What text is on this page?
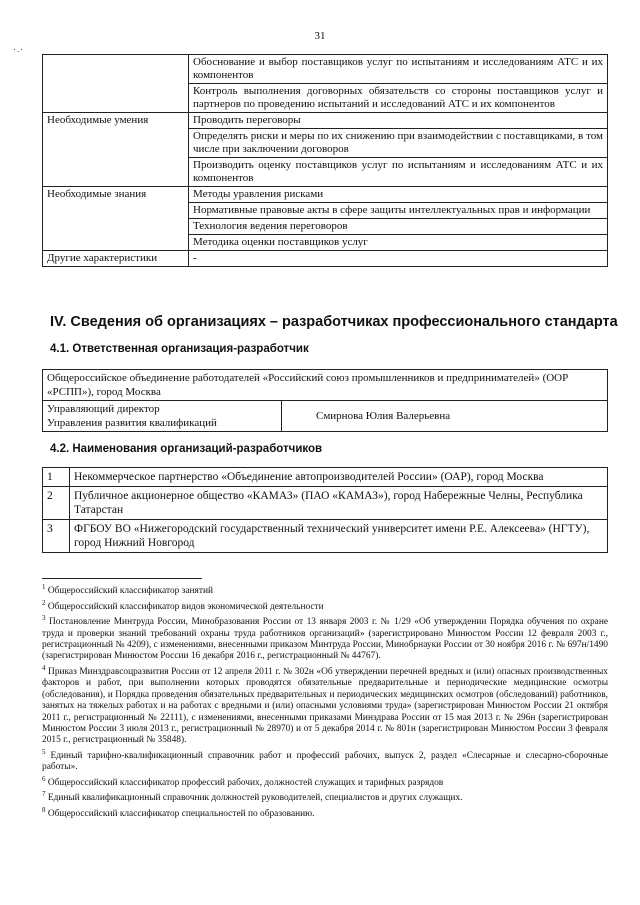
31
٠.٠
	Обоснование и выбор поставщиков услуг по испытаниям и исследованиям АТС и их компонентов
	Контроль выполнения договорных обязательств со стороны поставщиков услуг и партнеров по проведению испытаний и исследований АТС и их компонентов
Необходимые умения	Проводить переговоры
	Определять риски и меры по их снижению при взаимодействии с поставщиками, в том числе при заключении договоров
	Производить оценку поставщиков услуг по испытаниям и исследованиям АТС и их компонентов
Необходимые знания	Методы уравления рисками
	Нормативные правовые акты в сфере защиты интеллектуальных прав и информации
	Технология ведения переговоров
	Методика оценки поставщиков услуг
Другие характеристики	-
IV. Сведения об организациях – разработчиках профессионального стандарта
4.1. Ответственная организация-разработчик
Общероссийское объединение работодателей «Российский союз промышленников и предпринимателей» (ООР «РСПП»), город Москва
Управляющий директор
Управления развития квалификаций	Смирнова Юлия Валерьевна
4.2. Наименования организаций-разработчиков
1	Некоммерческое партнерство «Объединение автопроизводителей России» (ОАР), город Москва
2	Публичное акционерное общество «КАМАЗ» (ПАО «КАМАЗ»), город Набережные Челны, Республика Татарстан
3	ФГБОУ ВО «Нижегородский государственный технический университет имени Р.Е. Алексеева» (НГТУ), город Нижний Новгород
$^1$ Общероссийский классификатор занятий
$^2$ Общероссийский классификатор видов экономической деятельности
$^3$ Постановление Минтруда России, Минобразования России от 13 января 2003 г. № 1/29 «Об утверждении Порядка обучения по охране труда и проверки знаний требований охраны труда работников организаций» (зарегистрировано Минюстом России 12 февраля 2003 г., регистрационный № 4209), с изменениями, внесенными приказом Минтруда России, Минобрнауки России от 30 ноября 2016 г. № 697н/1490 (зарегистрирован Минюстом России 16 декабря 2016 г., регистрационный № 44767).
$^4$ Приказ Минздравсоцразвития России от 12 апреля 2011 г. № 302н «Об утверждении перечней вредных и (или) опасных производственных факторов и работ, при выполнении которых проводятся обязательные предварительные и периодические медицинские осмотры (обследования), и Порядка проведения обязательных предварительных и периодических медицинских осмотров (обследований) работников, занятых на тяжелых работах и на работах с вредными и (или) опасными условиями труда» (зарегистрирован Минюстом России 21 октября 2011 г., регистрационный № 22111), с изменениями, внесенными приказами Минздрава России от 15 мая 2013 г. № 296н (зарегистрирован Минюстом России 3 июля 2013 г., регистрационный № 28970) и от 5 декабря 2014 г. № 801н (зарегистрирован Минюстом России 3 февраля 2015 г., регистрационный № 35848).
$^5$ Единый тарифно-квалификационный справочник работ и профессий рабочих, выпуск 2, раздел «Слесарные и слесарно-сборочные работы».
$^6$ Общероссийский классификатор профессий рабочих, должностей служащих и тарифных разрядов
$^7$ Единый квалификационный справочник должностей руководителей, специалистов и других служащих.
$^8$ Общероссийский классификатор специальностей по образованию.
